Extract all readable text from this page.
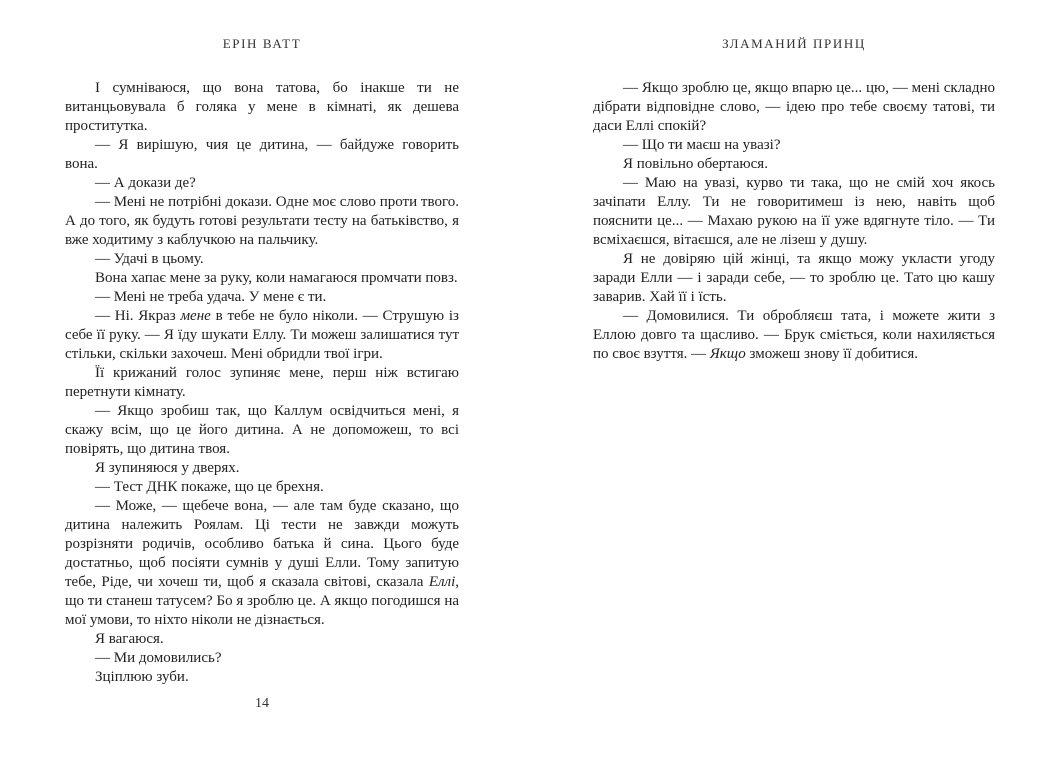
ЕРІН ВАТТ	ЗЛАМАНИЙ ПРИНЦ

І сумніваюся, що вона татова, бо інакше ти не витанцьовувала б голяка у мене в кімнаті, як дешева проститутка.

— Я вирішую, чия це дитина, — байдуже говорить вона.

— А докази де?

— Мені не потрібні докази. Одне моє слово проти твого. А до того, як будуть готові результати тесту на батьківство, я вже ходитиму з каблучкою на пальчику.

— Удачі в цьому.

Вона хапає мене за руку, коли намагаюся промчати повз.

— Мені не треба удача. У мене є ти.

— Ні. Якраз мене в тебе не було ніколи. — Струшую із себе її руку. — Я їду шукати Еллу. Ти можеш залишатися тут стільки, скільки захочеш. Мені обридли твої ігри.

Її крижаний голос зупиняє мене, перш ніж встигаю перетнути кімнату.

— Якщо зробиш так, що Каллум освідчиться мені, я скажу всім, що це його дитина. А не допоможеш, то всі повірять, що дитина твоя.

Я зупиняюся у дверях.

— Тест ДНК покаже, що це брехня.

— Може, — щебече вона, — але там буде сказано, що дитина належить Роялам. Ці тести не завжди можуть розрізняти родичів, особливо батька й сина. Цього буде достатньо, щоб посіяти сумнів у душі Елли. Тому запитую тебе, Ріде, чи хочеш ти, щоб я сказала світові, сказала Еллі, що ти станеш татусем? Бо я зроблю це. А якщо погодишся на мої умови, то ніхто ніколи не дізнається.

Я вагаюся.

— Ми домовились?

Зціплюю зуби.

— Якщо зроблю це, якщо впарю це... цю, — мені складно дібрати відповідне слово, — ідею про тебе своєму татові, ти даси Еллі спокій?

— Що ти маєш на увазі?

Я повільно обертаюся.

— Маю на увазі, курво ти така, що не смій хоч якось зачіпати Еллу. Ти не говоритимеш із нею, навіть щоб пояснити це... — Махаю рукою на її уже вдягнуте тіло. — Ти всміхаєшся, вітаєшся, але не лізеш у душу.

Я не довіряю цій жінці, та якщо можу укласти угоду заради Елли — і заради себе, — то зроблю це. Тато цю кашу заварив. Хай її і їсть.

— Домовилися. Ти обробляєш тата, і можете жити з Еллою довго та щасливо. — Брук сміється, коли нахиляється по своє взуття. — Якщо зможеш знову її добитися.

14
